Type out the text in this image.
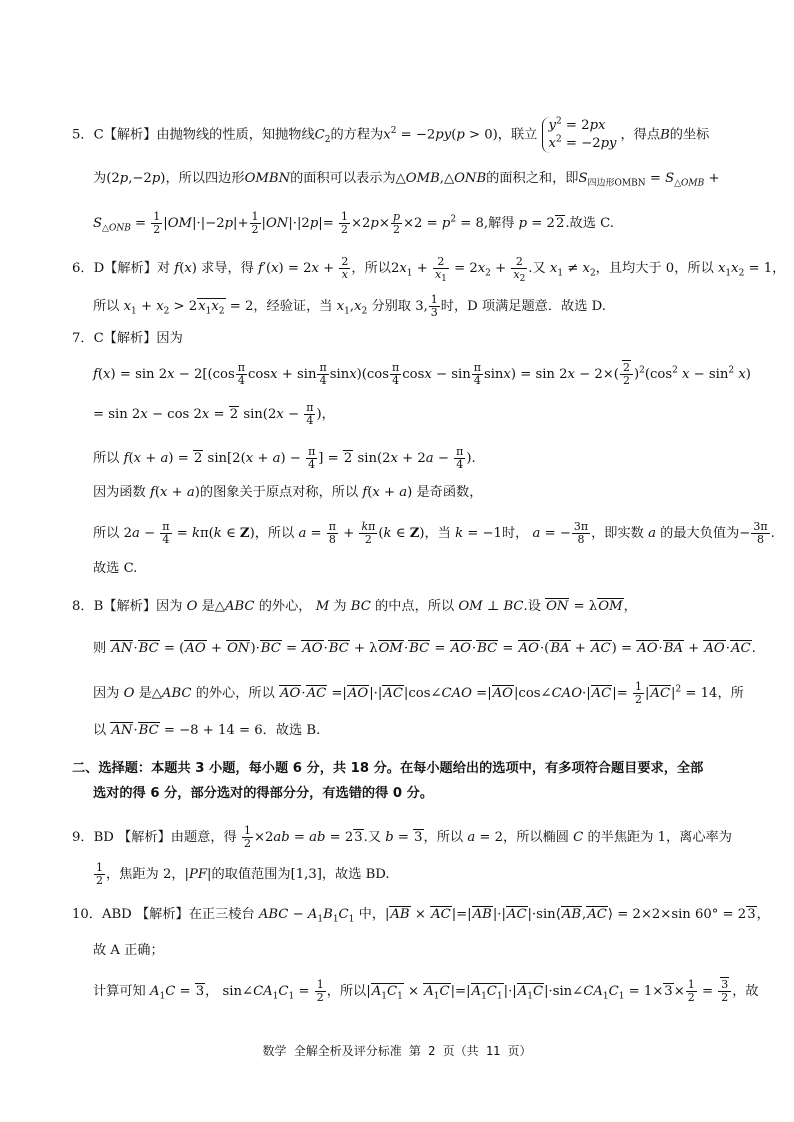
5．C【解析】由抛物线的性质，知抛物线$C_2$的方程为$x^2 = -2py(p > 0)$，联立 $y^2 = 2px$
$x^2 = -2py$，得点B的坐标
为(2p,−2p)，所以四边形OMBN的面积可以表示为△OMB,△ONB的面积之和，即$S_{四边形OMBN} = S_{\triangle OMB}$ +
$S_{\triangle ONB} = \frac{1}{2} |OM|\cdot|-2p|+ \frac{1}{2} |ON|\cdot|2p|= \frac{1}{2} \times 2p\times \frac{p}{2} \times 2 = p^2 = 8$,解得 p = 22.故选 C.
6．D【解析】对 f(x) 求导，得 $f'(x) = 2x + \frac{2}{x}$ ，所以$2x_1 + \frac{2}{x_1} = 2x_2 + \frac{2}{x_2}$ .又 $x_1 \ne x_2$，且均大于 0，所以 $x_1x_2 = 1$，
所以 $x_1 + x_2 > 2x_1x_2 = 2$，经验证，当 $x_1,x_2$ 分别取 3, $\frac{1}{3}$ 时，D 项满足题意．故选 D.
7．C【解析】因为
$f(x) = \sin 2x - 2[(\cos \frac{\pi}{4}$ $\cos x + \sin \frac{\pi}{4} \sin x)(\cos \frac{\pi}{4}$ $\cos x - \sin \frac{\pi}{4} \sin x) = \sin 2x - 2\times( \frac{2}{2} )^2(\cos^2$ $x - \sin^2 x$)
= sin 2x − cos 2x = 2 $\sin(2x - \frac{\pi}{4}$ )，
所以 f(x + a) = 2 $\sin[2(x + a) - \frac{\pi}{4}$ ] = 2 $\sin(2x + 2a - \frac{\pi}{4}$ ).
因为函数 f(x + a)的图象关于原点对称，所以 f(x + a) 是奇函数，
所以 $2a - \frac{\pi}{4} = k\pi(k$ ∈ Z)，所以 $a = \frac{\pi}{8} + \frac{k\pi}{2} (k$ ∈ Z)，当 k = −1时， a = − $\frac{3\pi}{8}$ ，即实数 a 的最大负值为− $\frac{3\pi}{8}$ .
故选 C.
8．B【解析】因为 O 是△ABC 的外心， M 为 BC 的中点，所以 OM ⊥ BC.设 ON = λOM，
则 AN·BC = (AO + ON)·BC = AO·BC + λOM·BC = AO·BC = AO·(BA + AC) = AO·BA + AO·AC.
因为 O 是△ABC 的外心，所以 AO·AC =|AO|·|AC|cos∠CAO =|AO|cos∠CAO·|AC|= $\frac{1}{2} |AC|^2 = 14$，所
以 AN·BC = −8 + 14 = 6．故选 B.
二、选择题：本题共 3 小题，每小题 6 分，共 18 分。在每小题给出的选项中，有多项符合题目要求，全部
选对的得 6 分，部分选对的得部分分，有选错的得 0 分。
9．BD 【解析】由题意，得 $\frac{1}{2} \times 2ab$ = ab = 23.又 b = 3，所以 a = 2，所以椭圆 C 的半焦距为 1，离心率为
$\frac{1}{2}$ ，焦距为 2，|PF|的取值范围为[1,3]，故选 BD.
10．ABD 【解析】在正三棱台 ABC − $A_1B_1C_1$ 中，|AB × AC|=|AB|·|AC|·sin⟨AB,AC⟩ = 2×2×sin 60° = 23，
故 A 正确；
计算可知 $A_1C = 3$， $\sin\angle CA_1C_1 = \frac{1}{2}$ ，所以$|A_1C_1$ × $A_1C|=|A_1C_1|\cdot|A_1C|\cdot\sin\angle CA_1C_1 = 1\times 3\times \frac{1}{2} = \frac{3}{2}$ ，故
数学 全解全析及评分标准 第 2 页（共 11 页）
